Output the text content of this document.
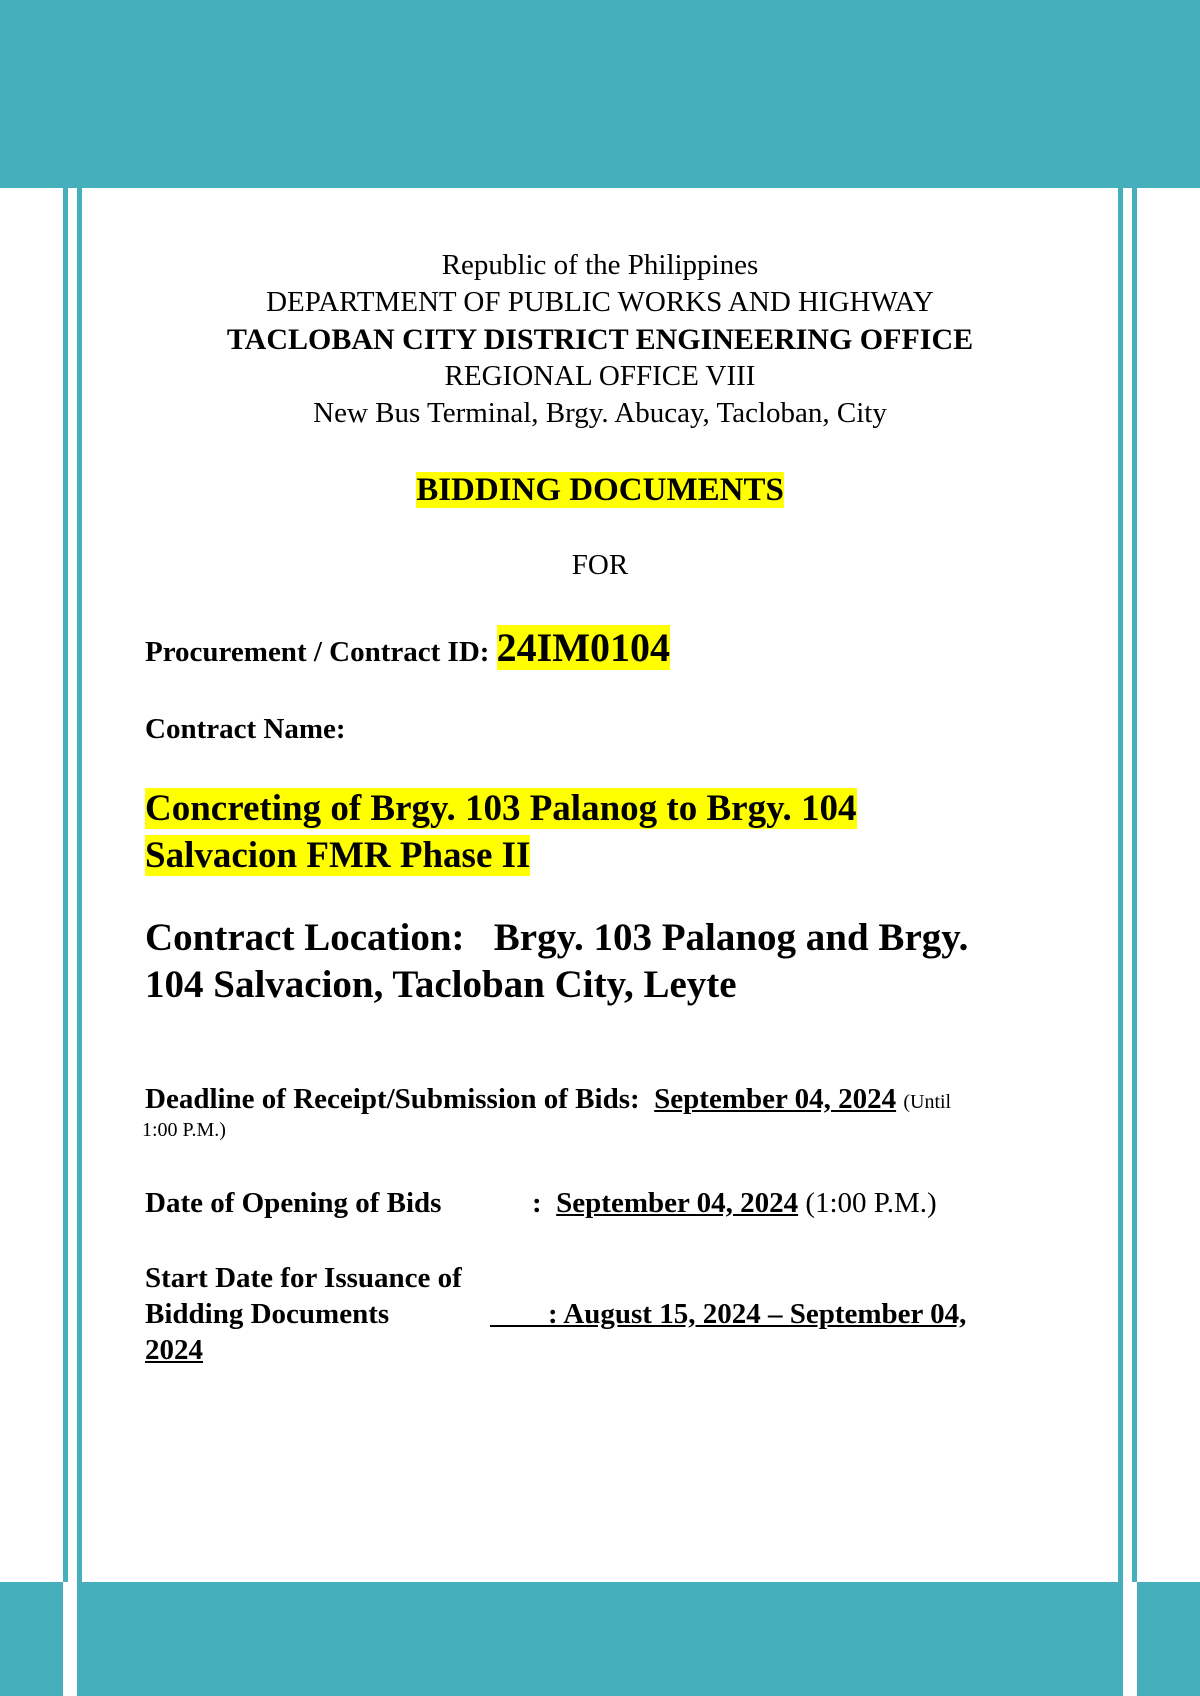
Republic of the Philippines
DEPARTMENT OF PUBLIC WORKS AND HIGHWAY
TACLOBAN CITY DISTRICT ENGINEERING OFFICE
REGIONAL OFFICE VIII
New Bus Terminal, Brgy. Abucay, Tacloban, City
BIDDING DOCUMENTS
FOR
Procurement / Contract ID: 24IM0104
Contract Name:
Concreting of Brgy. 103 Palanog to Brgy. 104
Salvacion FMR Phase II
Contract Location: Brgy. 103 Palanog and Brgy.
104 Salvacion, Tacloban City, Leyte
Deadline of Receipt/Submission of Bids: September 04, 2024 (Until
1:00 P.M.)
Date of Opening of Bids	: September 04, 2024 (1:00 P.M.)
Start Date for Issuance of
Bidding Documents	: August 15, 2024 – September 04,
2024
